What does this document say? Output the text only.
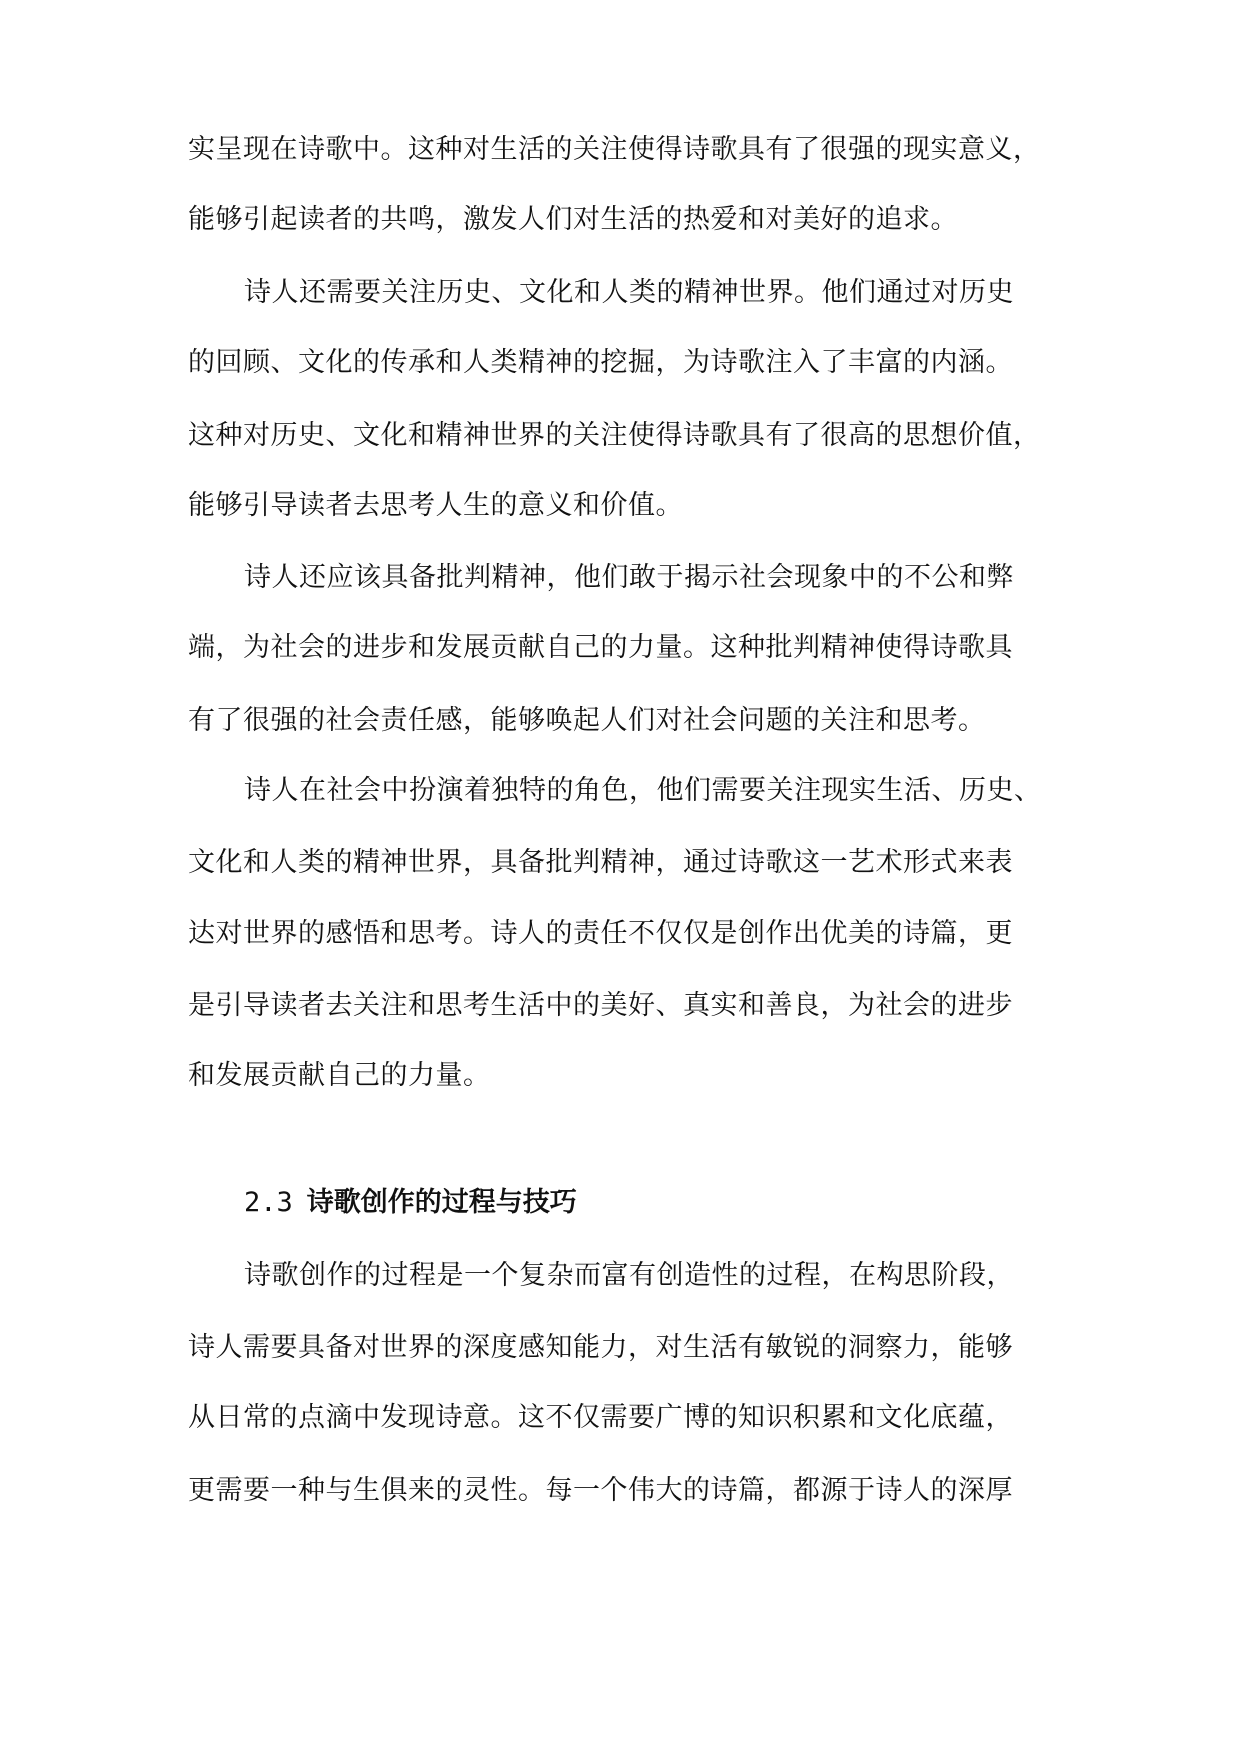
实呈现在诗歌中。这种对生活的关注使得诗歌具有了很强的现实意义，
能够引起读者的共鸣，激发人们对生活的热爱和对美好的追求。
诗人还需要关注历史、文化和人类的精神世界。他们通过对历史
的回顾、文化的传承和人类精神的挖掘，为诗歌注入了丰富的内涵。
这种对历史、文化和精神世界的关注使得诗歌具有了很高的思想价值，
能够引导读者去思考人生的意义和价值。
诗人还应该具备批判精神，他们敢于揭示社会现象中的不公和弊
端，为社会的进步和发展贡献自己的力量。这种批判精神使得诗歌具
有了很强的社会责任感，能够唤起人们对社会问题的关注和思考。
诗人在社会中扮演着独特的角色，他们需要关注现实生活、历史、
文化和人类的精神世界，具备批判精神，通过诗歌这一艺术形式来表
达对世界的感悟和思考。诗人的责任不仅仅是创作出优美的诗篇，更
是引导读者去关注和思考生活中的美好、真实和善良，为社会的进步
和发展贡献自己的力量。
2.3 诗歌创作的过程与技巧
诗歌创作的过程是一个复杂而富有创造性的过程，在构思阶段，
诗人需要具备对世界的深度感知能力，对生活有敏锐的洞察力，能够
从日常的点滴中发现诗意。这不仅需要广博的知识积累和文化底蕴，
更需要一种与生俱来的灵性。每一个伟大的诗篇，都源于诗人的深厚
